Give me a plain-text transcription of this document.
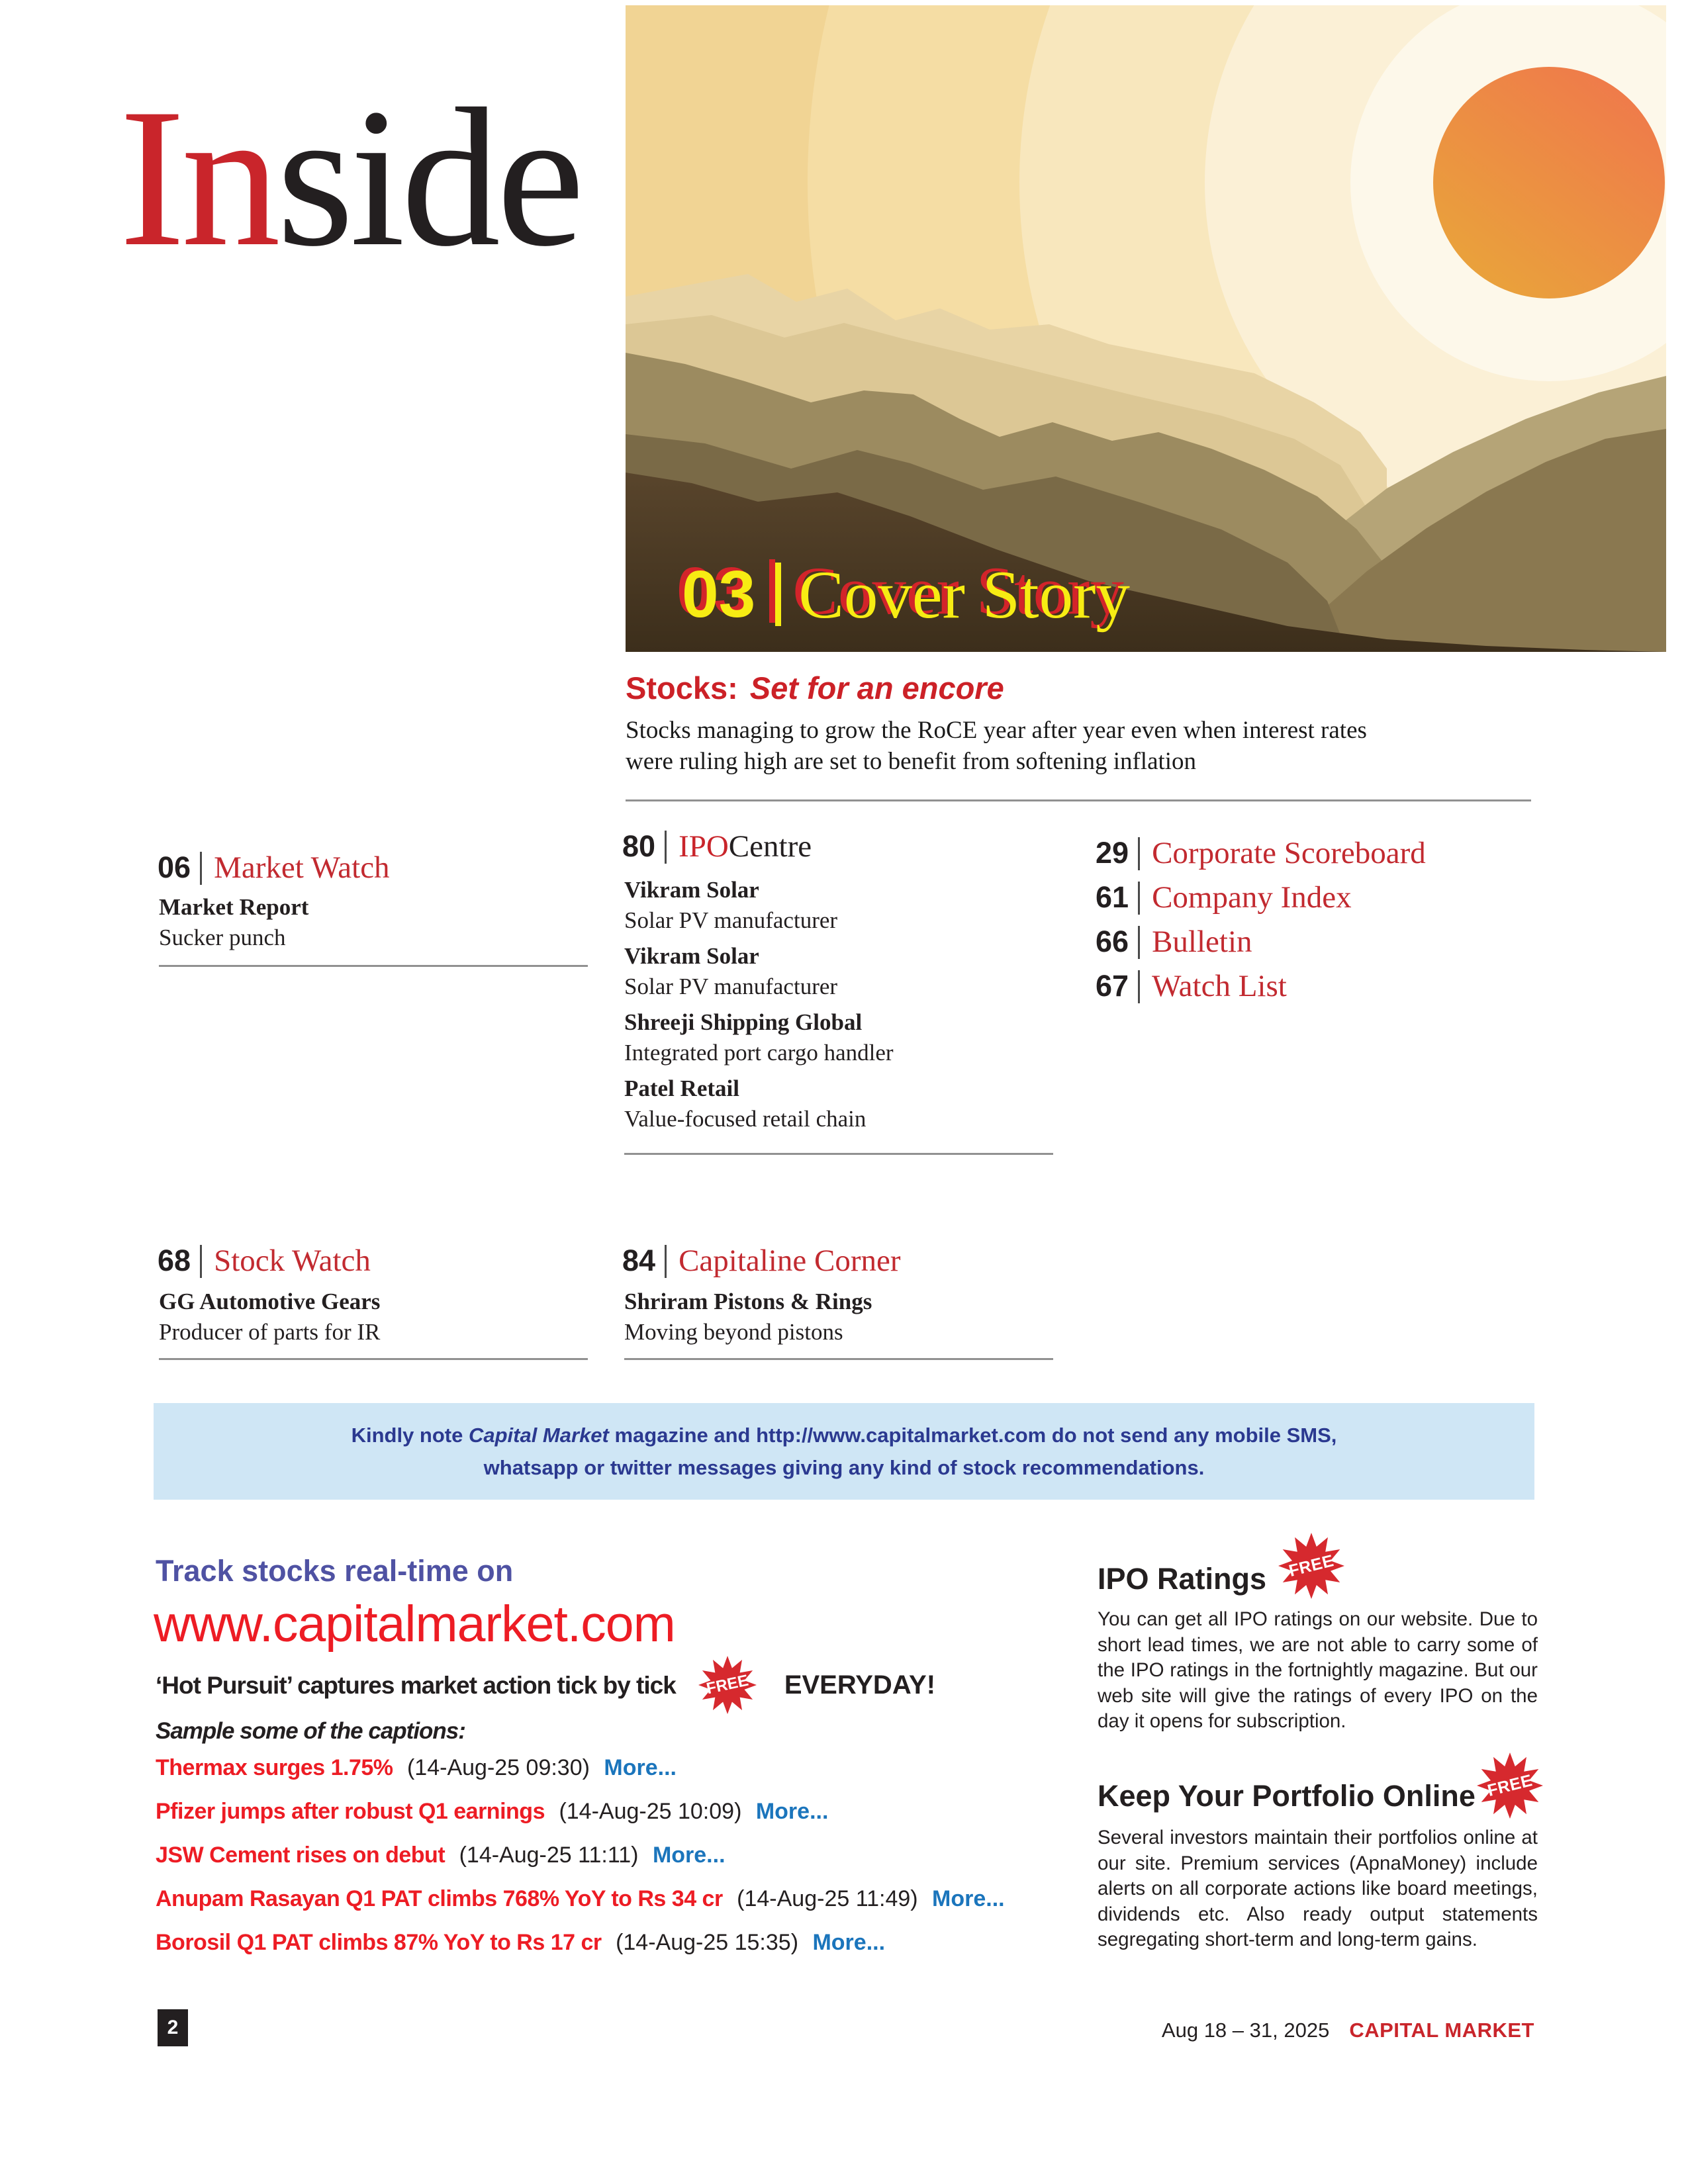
Inside
03 Cover Story
Stocks: Set for an encore
Stocks managing to grow the RoCE year after year even when interest rates
were ruling high are set to benefit from softening inflation
06 Market Watch
Market Report
Sucker punch
80 IPO Centre
Vikram Solar
Solar PV manufacturer
Vikram Solar
Solar PV manufacturer
Shreeji Shipping Global
Integrated port cargo handler
Patel Retail
Value-focused retail chain
29 Corporate Scoreboard
61 Company Index
66 Bulletin
67 Watch List
68 Stock Watch
GG Automotive Gears
Producer of parts for IR
84 Capitaline Corner
Shriram Pistons & Rings
Moving beyond pistons
Kindly note Capital Market magazine and http://www.capitalmarket.com do not send any mobile SMS,
whatsapp or twitter messages giving any kind of stock recommendations.
Track stocks real-time on
www.capitalmarket.com
‘Hot Pursuit’ captures market action tick by tick	FREE	EVERYDAY!
Sample some of the captions:
Thermax surges 1.75% (14-Aug-25 09:30) More...
Pfizer jumps after robust Q1 earnings (14-Aug-25 10:09) More...
JSW Cement rises on debut (14-Aug-25 11:11) More...
Anupam Rasayan Q1 PAT climbs 768% YoY to Rs 34 cr (14-Aug-25 11:49) More...
Borosil Q1 PAT climbs 87% YoY to Rs 17 cr (14-Aug-25 15:35) More...
IPO Ratings	FREE
You can get all IPO ratings on our website. Due to short lead times, we are not able to carry some of the IPO ratings in the fortnightly magazine. But our web site will give the ratings of every IPO on the day it opens for subscription.
Keep Your Portfolio Online FREE
Several investors maintain their portfolios online at our site. Premium services (ApnaMoney) include alerts on all corporate actions like board meetings, dividends etc. Also ready output statements segregating short-term and long-term gains.
2	Aug 18 – 31, 2025 CAPITAL MARKET
